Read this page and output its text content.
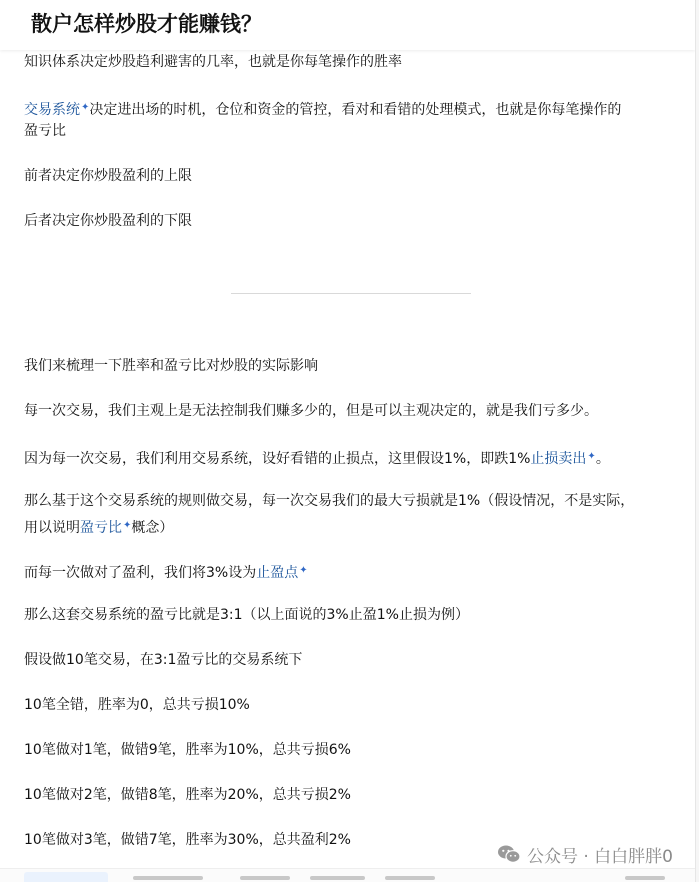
散户怎样炒股才能赚钱？

知识体系决定炒股趋利避害的几率，也就是你每笔操作的胜率

交易系统✦决定进出场的时机，仓位和资金的管控，看对和看错的处理模式，也就是你每笔操作的

盈亏比

前者决定你炒股盈利的上限

后者决定你炒股盈利的下限

我们来梳理一下胜率和盈亏比对炒股的实际影响

每一次交易，我们主观上是无法控制我们赚多少的，但是可以主观决定的，就是我们亏多少。

因为每一次交易，我们利用交易系统，设好看错的止损点，这里假设1%，即跌1%止损卖出✦。

那么基于这个交易系统的规则做交易，每一次交易我们的最大亏损就是1%（假设情况，不是实际，

用以说明盈亏比✦概念）

而每一次做对了盈利，我们将3%设为止盈点✦

那么这套交易系统的盈亏比就是3:1（以上面说的3%止盈1%止损为例）

假设做10笔交易，在3:1盈亏比的交易系统下

10笔全错，胜率为0，总共亏损10%

10笔做对1笔，做错9笔，胜率为10%，总共亏损6%

10笔做对2笔，做错8笔，胜率为20%，总共亏损2%

10笔做对3笔，做错7笔，胜率为30%，总共盈利2%

公众号 · 白白胖胖0
